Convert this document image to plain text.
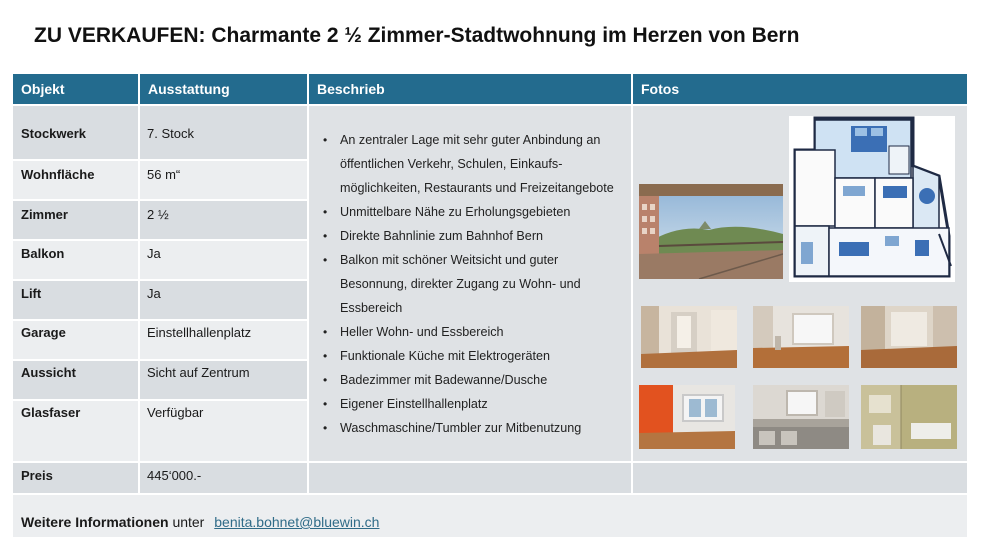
ZU VERKAUFEN: Charmante 2 ½ Zimmer-Stadtwohnung im Herzen von Bern
Objekt	Ausstattung	Beschrieb	Fotos
Stockwerk	7. Stock
Wohnfläche	56 m“
Zimmer	2 ½
Balkon	Ja
Lift	Ja
Garage	Einstellhallenplatz
Aussicht	Sicht auf Zentrum
Glasfaser	Verfügbar
Preis	445‘000.-
• An zentraler Lage mit sehr guter Anbindung an öffentlichen Verkehr, Schulen, Einkaufs-möglichkeiten, Restaurants und Freizeitangebote
• Unmittelbare Nähe zu Erholungsgebieten
• Direkte Bahnlinie zum Bahnhof Bern
• Balkon mit schöner Weitsicht und guter Besonnung, direkter Zugang zu Wohn- und Essbereich
• Heller Wohn- und Essbereich
• Funktionale Küche mit Elektrogeräten
• Badezimmer mit Badewanne/Dusche
• Eigener Einstellhallenplatz
• Waschmaschine/Tumbler zur Mitbenutzung
Weitere Informationen unter benita.bohnet@bluewin.ch
